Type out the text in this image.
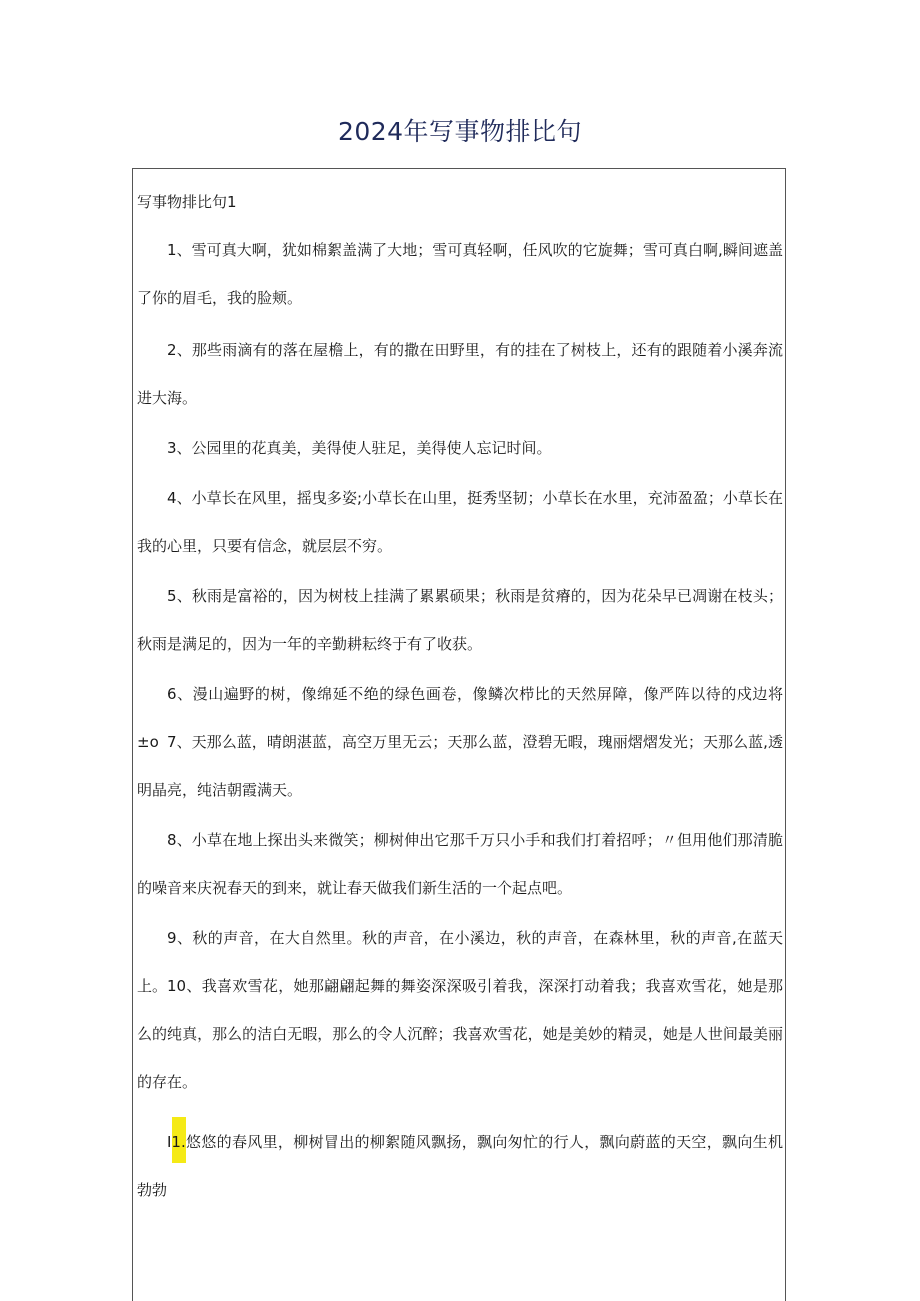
2024年写事物排比句
写事物排比句1

1、雪可真大啊，犹如棉絮盖满了大地；雪可真轻啊，任风吹的它旋舞；雪可真白啊,瞬间遮盖了你的眉毛，我的脸颊。

2、那些雨滴有的落在屋檐上，有的撒在田野里，有的挂在了树枝上，还有的跟随着小溪奔流进大海。

3、公园里的花真美，美得使人驻足，美得使人忘记时间。

4、小草长在风里，摇曳多姿;小草长在山里，挺秀坚韧；小草长在水里，充沛盈盈；小草长在我的心里，只要有信念，就层层不穷。

5、秋雨是富裕的，因为树枝上挂满了累累硕果；秋雨是贫瘠的，因为花朵早已凋谢在枝头；秋雨是满足的，因为一年的辛勤耕耘终于有了收获。

6、漫山遍野的树，像绵延不绝的绿色画卷，像鳞次栉比的天然屏障，像严阵以待的戍边将±o 7、天那么蓝，晴朗湛蓝，高空万里无云；天那么蓝，澄碧无暇，瑰丽熠熠发光；天那么蓝,透明晶亮，纯洁朝霞满天。

8、小草在地上探出头来微笑；柳树伸出它那千万只小手和我们打着招呼；〃但用他们那清脆的噪音来庆祝春天的到来，就让春天做我们新生活的一个起点吧。

9、秋的声音，在大自然里。秋的声音，在小溪边，秋的声音，在森林里，秋的声音,在蓝天上。 10、我喜欢雪花，她那翩翩起舞的舞姿深深吸引着我，深深打动着我；我喜欢雪花，她是那么的纯真，那么的洁白无暇，那么的令人沉醉；我喜欢雪花，她是美妙的精灵，她是人世间最美丽的存在。

I1.悠悠的春风里，柳树冒出的柳絮随风飘扬，飘向匆忙的行人，飘向蔚蓝的天空，飘向生机勃勃
